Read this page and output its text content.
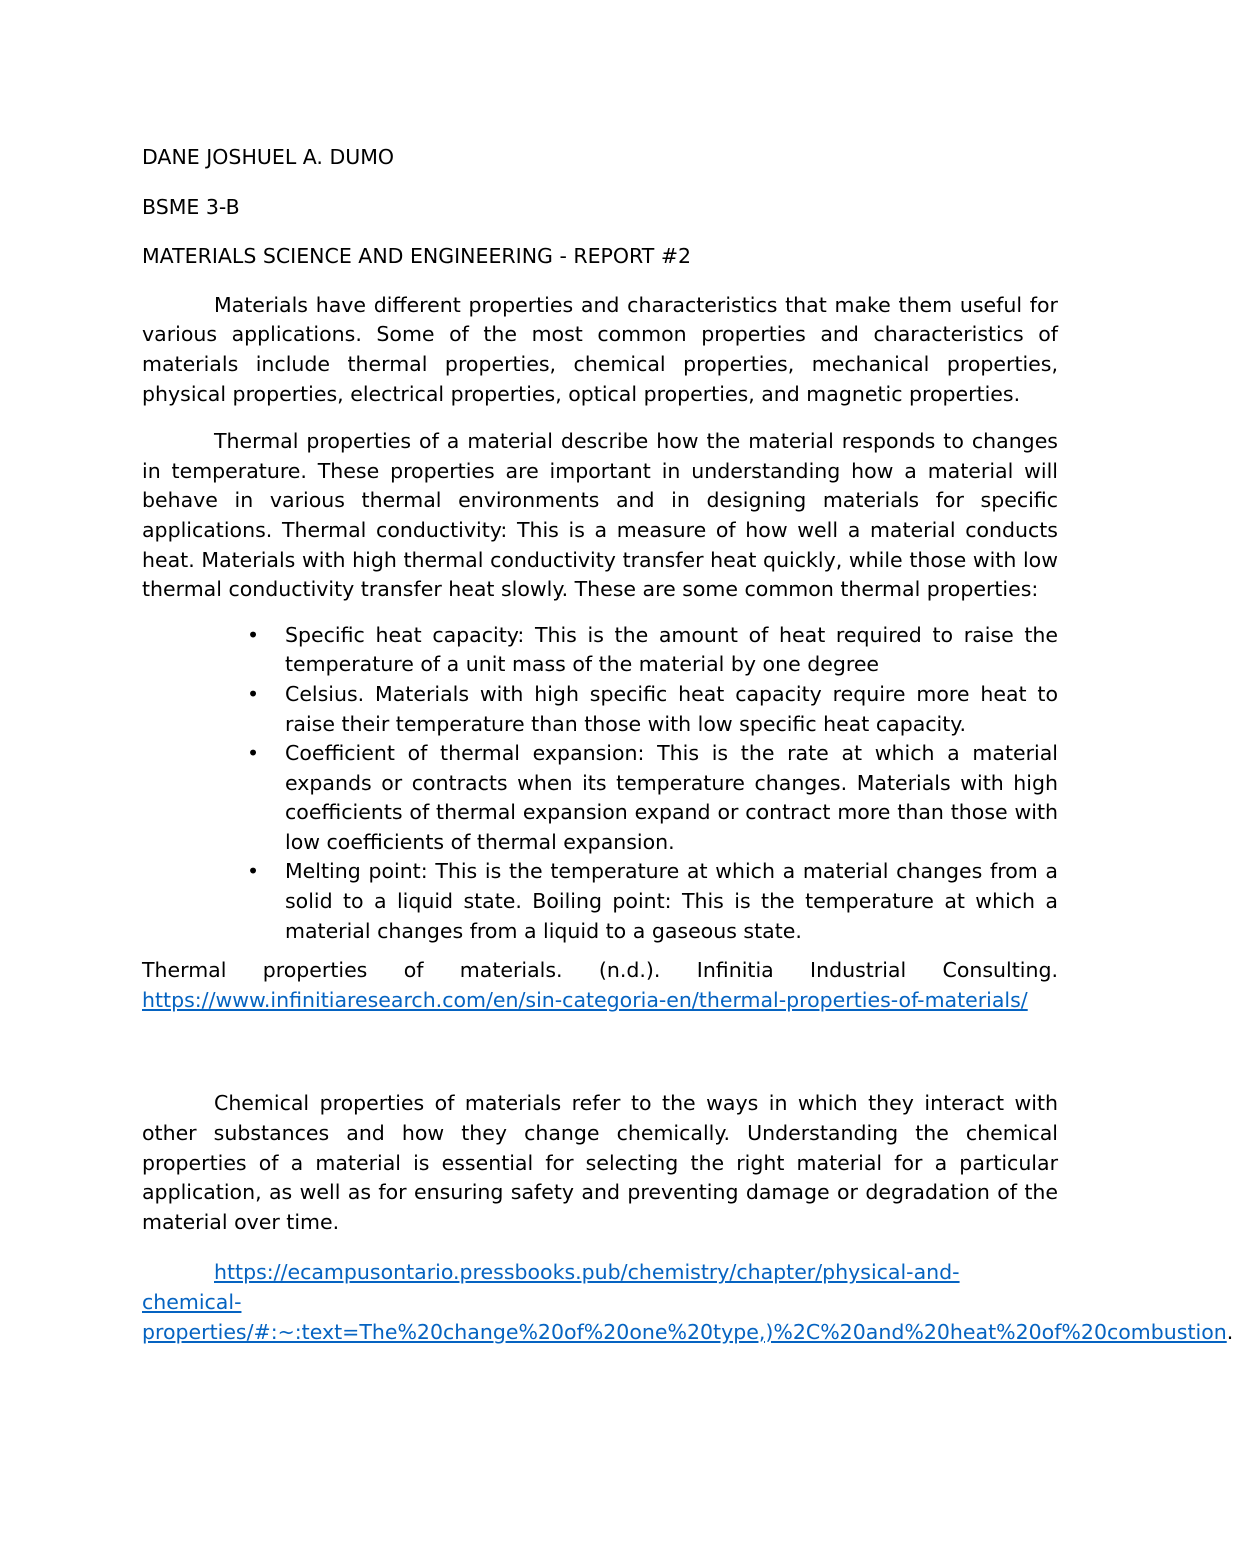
DANE JOSHUEL A. DUMO

BSME 3-B

MATERIALS SCIENCE AND ENGINEERING - REPORT #2

Materials have different properties and characteristics that make them useful for various applications. Some of the most common properties and characteristics of materials include thermal properties, chemical properties, mechanical properties, physical properties, electrical properties, optical properties, and magnetic properties.

Thermal properties of a material describe how the material responds to changes in temperature. These properties are important in understanding how a material will behave in various thermal environments and in designing materials for specific applications. Thermal conductivity: This is a measure of how well a material conducts heat. Materials with high thermal conductivity transfer heat quickly, while those with low thermal conductivity transfer heat slowly. These are some common thermal properties:

• Specific heat capacity: This is the amount of heat required to raise the temperature of a unit mass of the material by one degree
• Celsius. Materials with high specific heat capacity require more heat to raise their temperature than those with low specific heat capacity.
• Coefficient of thermal expansion: This is the rate at which a material expands or contracts when its temperature changes. Materials with high coefficients of thermal expansion expand or contract more than those with low coefficients of thermal expansion.
• Melting point: This is the temperature at which a material changes from a solid to a liquid state. Boiling point: This is the temperature at which a material changes from a liquid to a gaseous state.

Thermal properties of materials. (n.d.). Infinitia Industrial Consulting. https://www.infinitiaresearch.com/en/sin-categoria-en/thermal-properties-of-materials/

Chemical properties of materials refer to the ways in which they interact with other substances and how they change chemically. Understanding the chemical properties of a material is essential for selecting the right material for a particular application, as well as for ensuring safety and preventing damage or degradation of the material over time.

https://ecampusontario.pressbooks.pub/chemistry/chapter/physical-and-chemical-properties/#:~:text=The%20change%20of%20one%20type,)%2C%20and%20heat%20of%20combustion.
